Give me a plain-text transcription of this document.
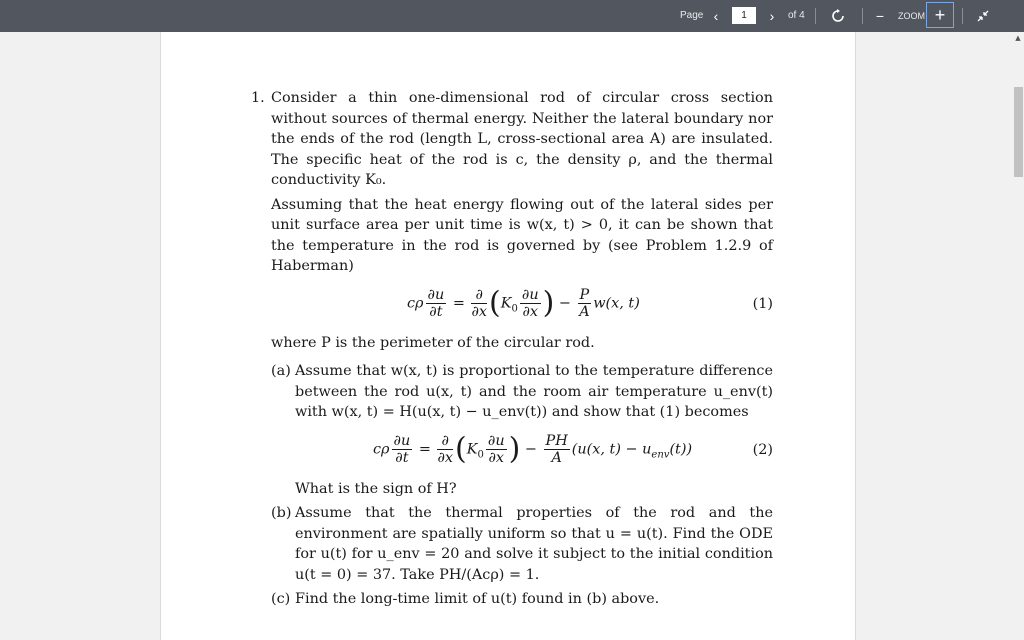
Page ‹
1	›	of 4	−	ZOOM +
1. Consider a thin one-dimensional rod of circular cross section without sources of thermal energy. Neither the lateral boundary nor the ends of the rod (length L, cross-sectional area A) are insulated. The specific heat of the rod is c, the density ρ, and the thermal conductivity K₀.

Assuming that the heat energy flowing out of the lateral sides per unit surface area per unit time is w(x, t) > 0, it can be shown that the temperature in the rod is governed by (see Problem 1.2.9 of Haberman)

cρ $\frac{\partial u}{\partial t} = \frac{\partial}{\partial x} (K_0 \frac{\partial u}{\partial x}$ ) − $\frac{P}{A} w(x$, t)	(1)

where P is the perimeter of the circular rod.

(a) Assume that w(x, t) is proportional to the temperature difference between the rod u(x, t) and the room air temperature u_env(t) with w(x, t) = H(u(x, t) − u_env(t)) and show that (1) becomes

cρ $\frac{\partial u}{\partial t} = \frac{\partial}{\partial x} (K_0 \frac{\partial u}{\partial x}$ ) − $\frac{PH}{A} (u(x$, $t) - u_{env}(t)$)	(2)

What is the sign of H?

(b) Assume that the thermal properties of the rod and the environment are spatially uniform so that u = u(t). Find the ODE for u(t) for u_env = 20 and solve it subject to the initial condition u(t = 0) = 37. Take PH/(Acρ) = 1.

(c) Find the long-time limit of u(t) found in (b) above.

▲
